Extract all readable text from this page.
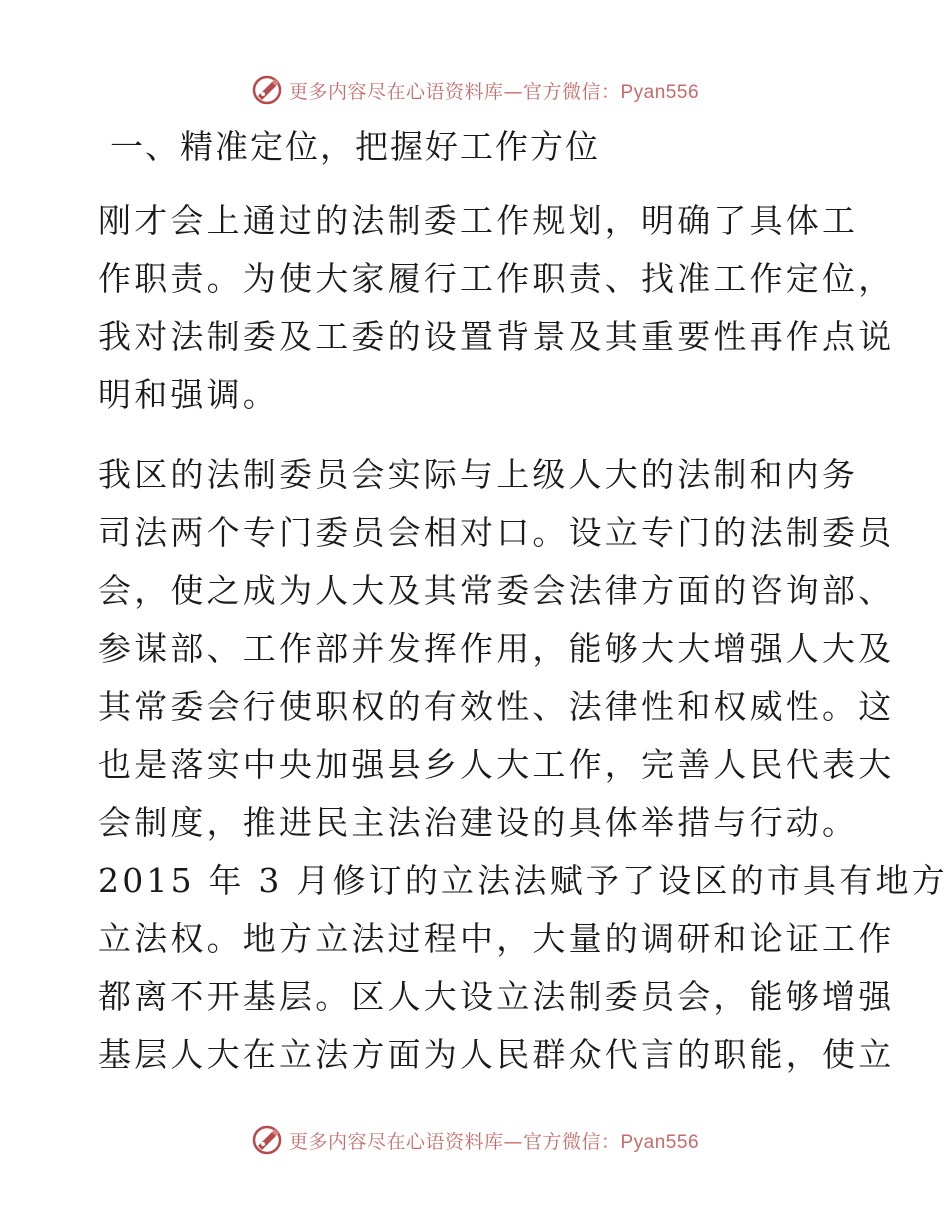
更多内容尽在心语资料库—官方微信：Pyan556
一、精准定位，把握好工作方位

刚才会上通过的法制委工作规划，明确了具体工
作职责。为使大家履行工作职责、找准工作定位，
我对法制委及工委的设置背景及其重要性再作点说
明和强调。

我区的法制委员会实际与上级人大的法制和内务
司法两个专门委员会相对口。设立专门的法制委员
会，使之成为人大及其常委会法律方面的咨询部、
参谋部、工作部并发挥作用，能够大大增强人大及
其常委会行使职权的有效性、法律性和权威性。这
也是落实中央加强县乡人大工作，完善人民代表大
会制度，推进民主法治建设的具体举措与行动。
2015 年 3 月修订的立法法赋予了设区的市具有地方
立法权。地方立法过程中，大量的调研和论证工作
都离不开基层。区人大设立法制委员会，能够增强
基层人大在立法方面为人民群众代言的职能，使立

更多内容尽在心语资料库—官方微信：Pyan556
